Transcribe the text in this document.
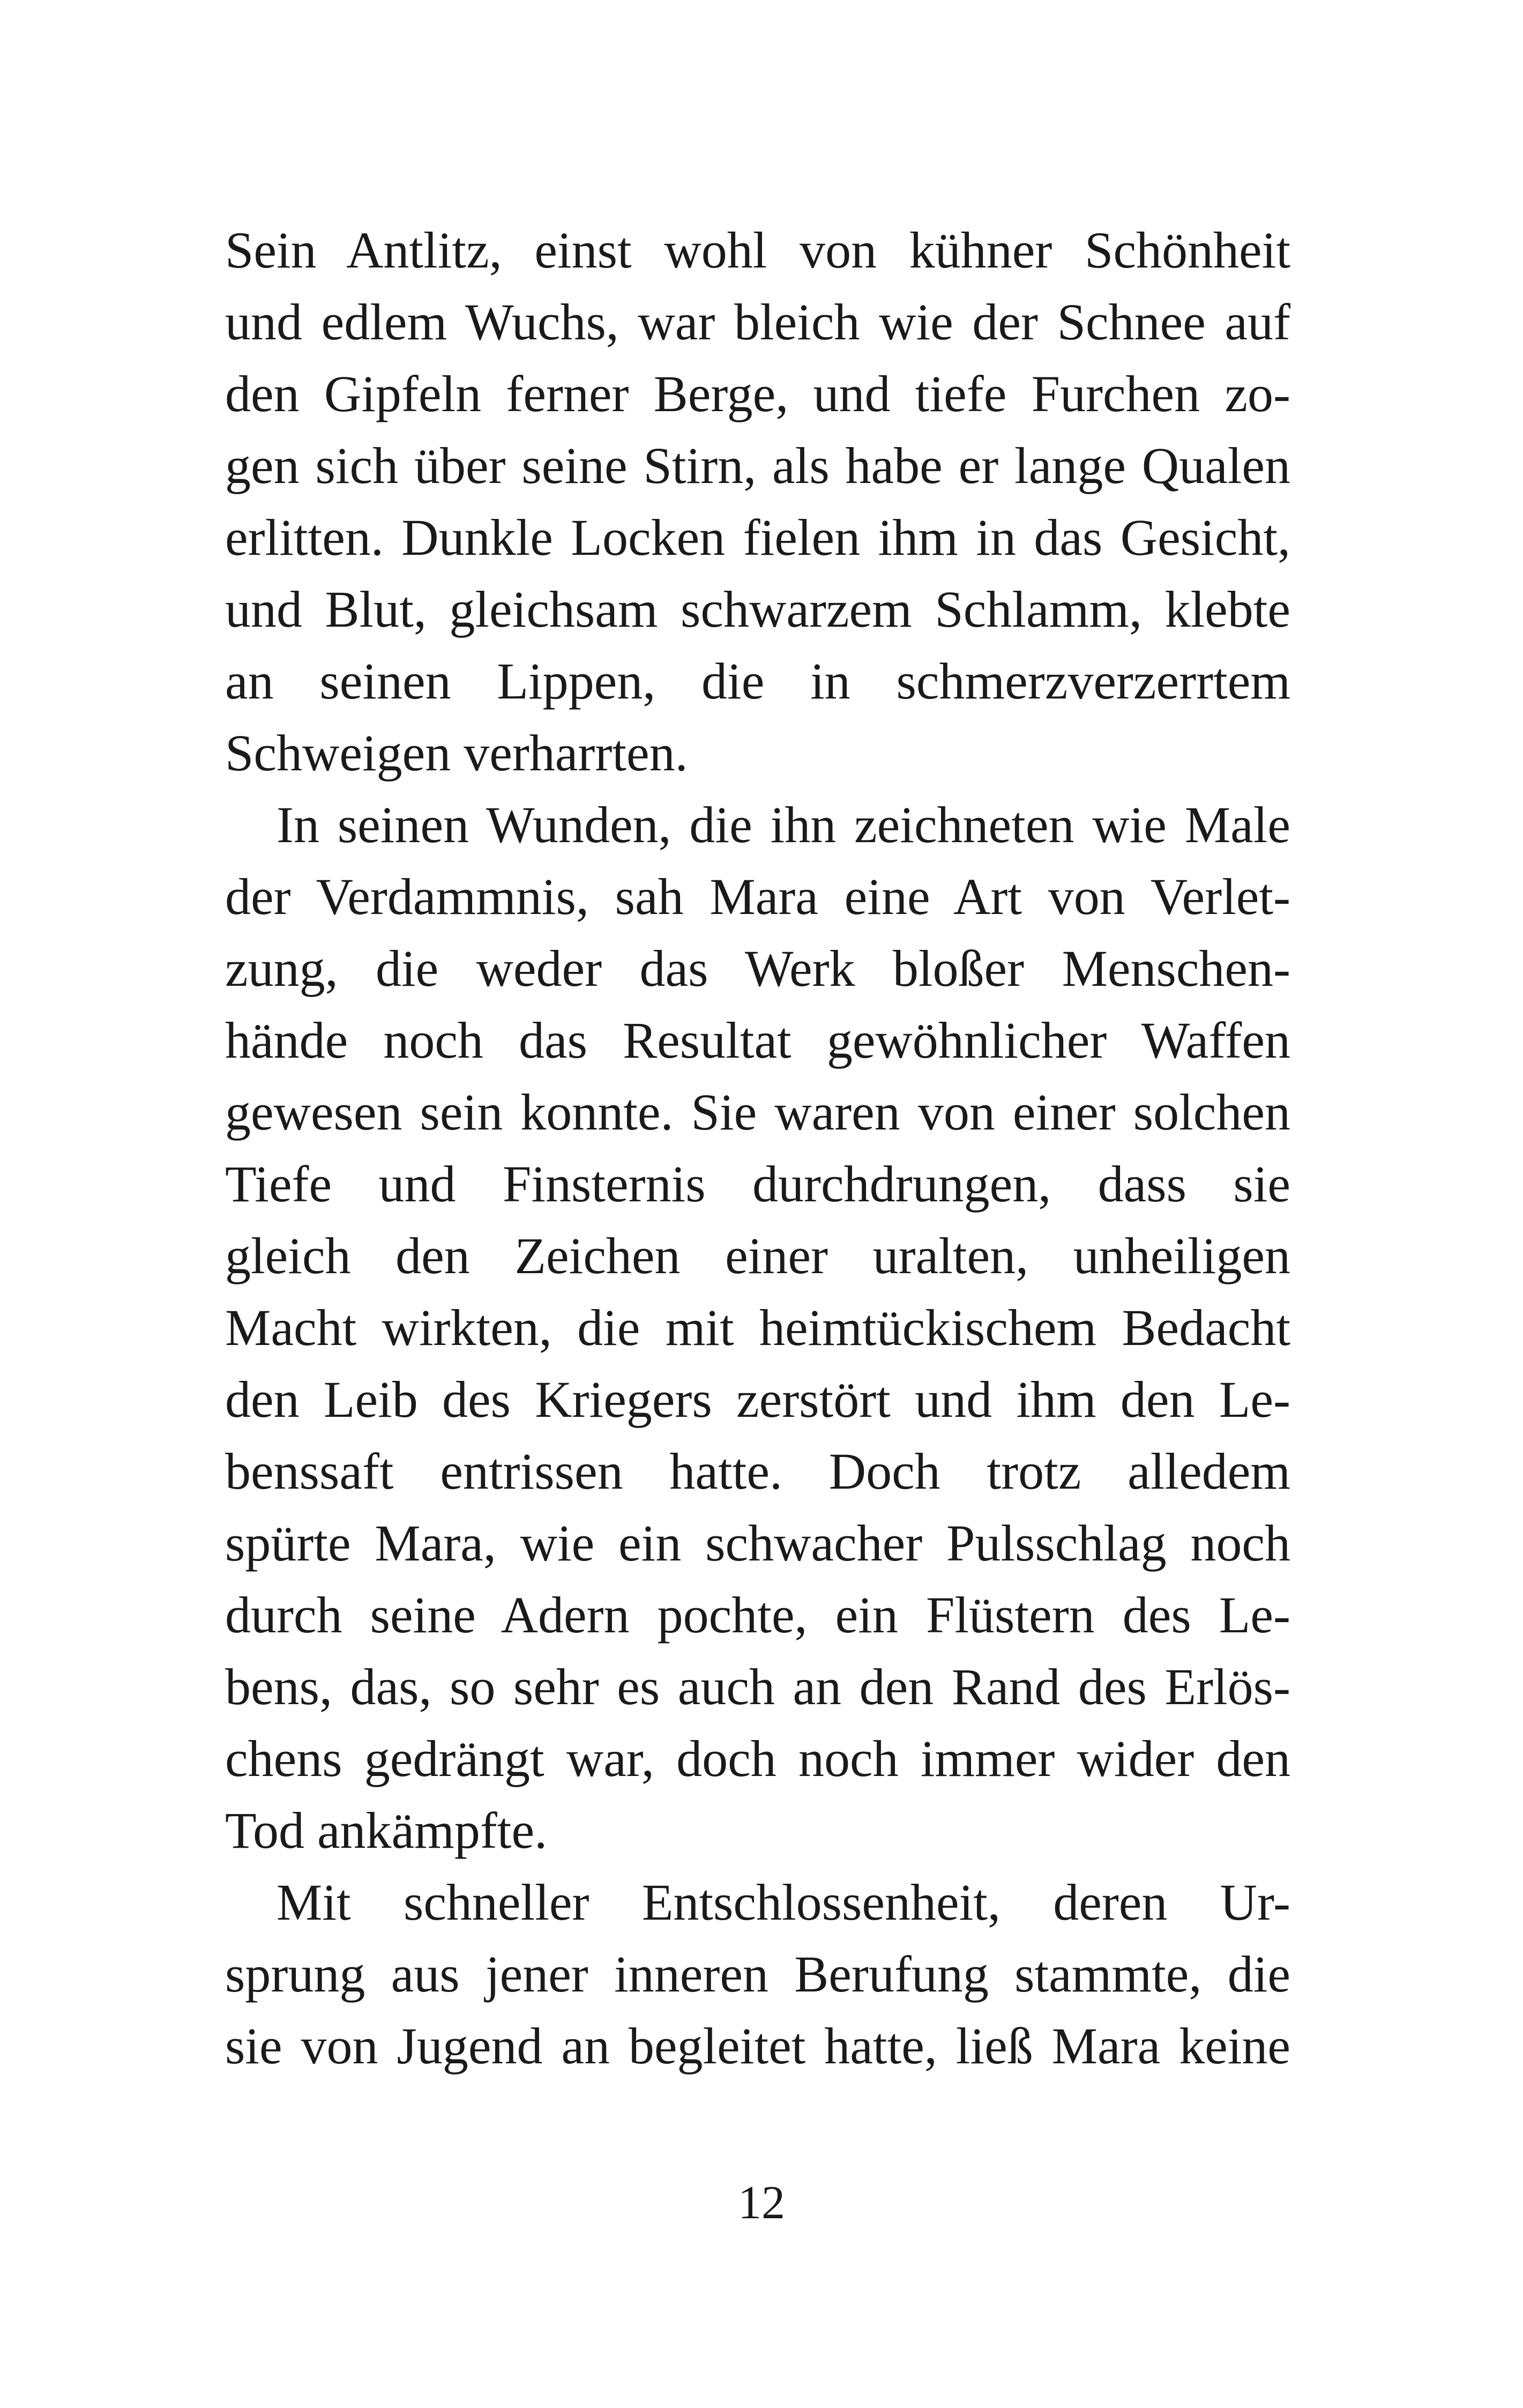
Sein Antlitz, einst wohl von kühner Schönheit
und edlem Wuchs, war bleich wie der Schnee auf
den Gipfeln ferner Berge, und tiefe Furchen zo-
gen sich über seine Stirn, als habe er lange Qualen
erlitten. Dunkle Locken fielen ihm in das Gesicht,
und Blut, gleichsam schwarzem Schlamm, klebte
an seinen Lippen, die in schmerzverzerrtem
Schweigen verharrten.
In seinen Wunden, die ihn zeichneten wie Male
der Verdammnis, sah Mara eine Art von Verlet-
zung, die weder das Werk bloßer Menschen-
hände noch das Resultat gewöhnlicher Waffen
gewesen sein konnte. Sie waren von einer solchen
Tiefe und Finsternis durchdrungen, dass sie
gleich den Zeichen einer uralten, unheiligen
Macht wirkten, die mit heimtückischem Bedacht
den Leib des Kriegers zerstört und ihm den Le-
benssaft entrissen hatte. Doch trotz alledem
spürte Mara, wie ein schwacher Pulsschlag noch
durch seine Adern pochte, ein Flüstern des Le-
bens, das, so sehr es auch an den Rand des Erlös-
chens gedrängt war, doch noch immer wider den
Tod ankämpfte.
Mit schneller Entschlossenheit, deren Ur-
sprung aus jener inneren Berufung stammte, die
sie von Jugend an begleitet hatte, ließ Mara keine
12
